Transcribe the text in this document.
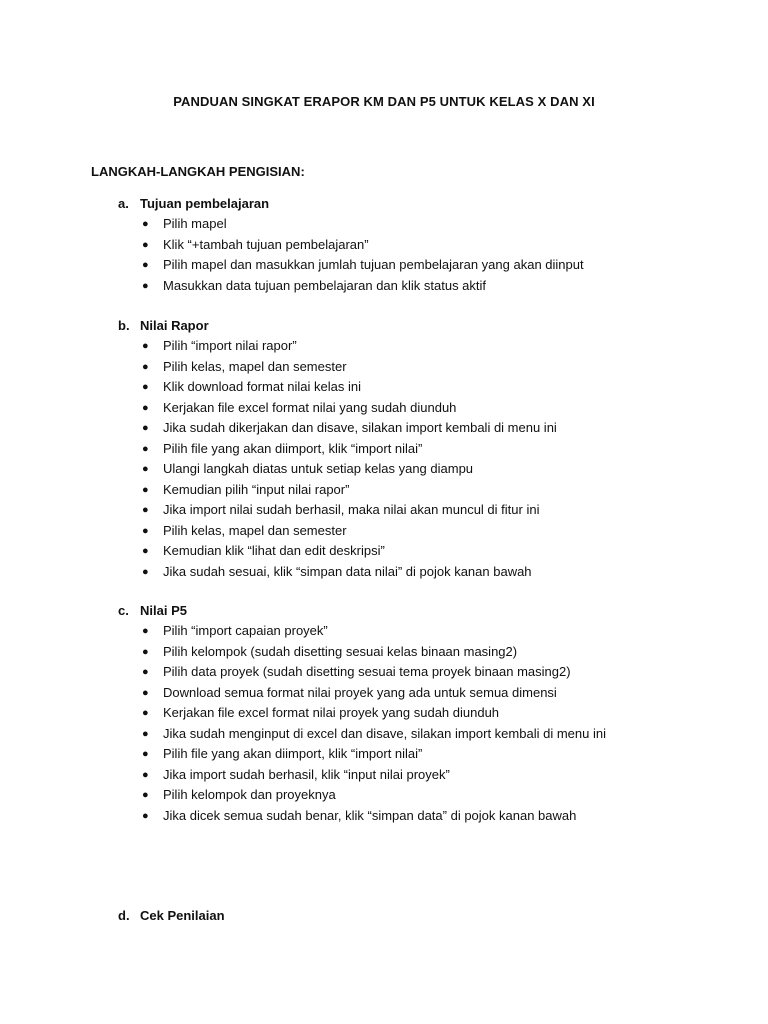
PANDUAN SINGKAT ERAPOR KM DAN P5 UNTUK KELAS X DAN XI
LANGKAH-LANGKAH PENGISIAN:
a. Tujuan pembelajaran
● Pilih mapel
● Klik “+tambah tujuan pembelajaran”
● Pilih mapel dan masukkan jumlah tujuan pembelajaran yang akan diinput
● Masukkan data tujuan pembelajaran dan klik status aktif
b. Nilai Rapor
● Pilih “import nilai rapor”
● Pilih kelas, mapel dan semester
● Klik download format nilai kelas ini
● Kerjakan file excel format nilai yang sudah diunduh
● Jika sudah dikerjakan dan disave, silakan import kembali di menu ini
● Pilih file yang akan diimport, klik “import nilai”
● Ulangi langkah diatas untuk setiap kelas yang diampu
● Kemudian pilih “input nilai rapor”
● Jika import nilai sudah berhasil, maka nilai akan muncul di fitur ini
● Pilih kelas, mapel dan semester
● Kemudian klik “lihat dan edit deskripsi”
● Jika sudah sesuai, klik “simpan data nilai” di pojok kanan bawah
c. Nilai P5
● Pilih “import capaian proyek”
● Pilih kelompok (sudah disetting sesuai kelas binaan masing2)
● Pilih data proyek (sudah disetting sesuai tema proyek binaan masing2)
● Download semua format nilai proyek yang ada untuk semua dimensi
● Kerjakan file excel format nilai proyek yang sudah diunduh
● Jika sudah menginput di excel dan disave, silakan import kembali di menu ini
● Pilih file yang akan diimport, klik “import nilai”
● Jika import sudah berhasil, klik “input nilai proyek”
● Pilih kelompok dan proyeknya
● Jika dicek semua sudah benar, klik “simpan data” di pojok kanan bawah
d. Cek Penilaian
